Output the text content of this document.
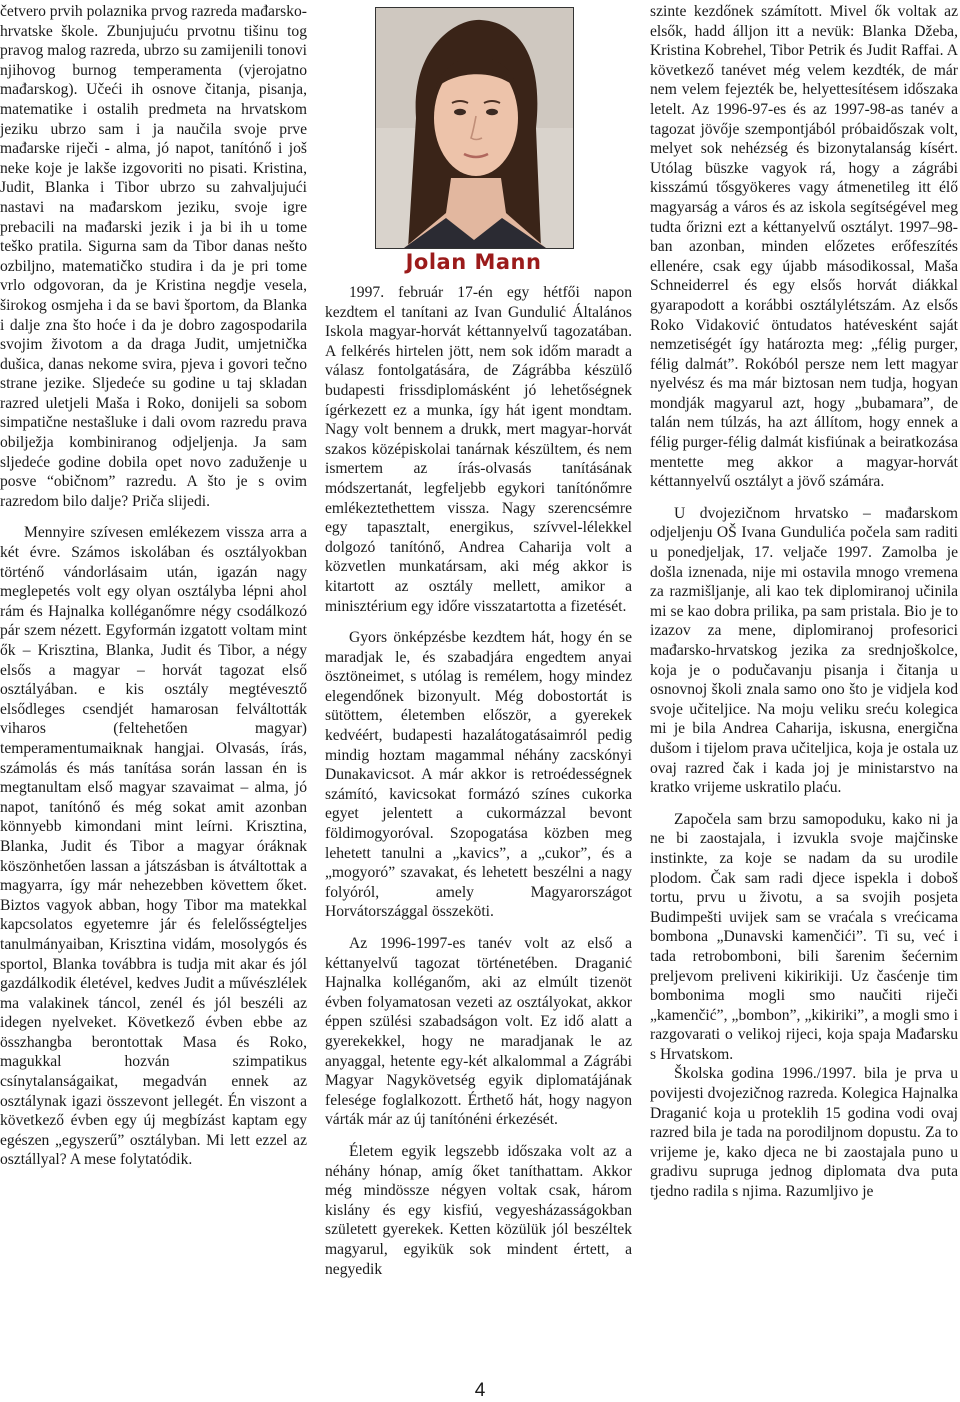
četvero prvih polaznika prvog razreda mađarsko-hrvatske škole. Zbunjujuću prvotnu tišinu tog pravog malog razreda, ubrzo su zamijenili tonovi njihovog burnog temperamenta (vjerojatno mađarskog). Učeći ih osnove čitanja, pisanja, matematike i ostalih predmeta na hrvatskom jeziku ubrzo sam i ja naučila svoje prve mađarske riječi - alma, jó napot, tanítónő i još neke koje je lakše izgovoriti no pisati. Kristina, Judit, Blanka i Tibor ubrzo su zahvaljujući nastavi na mađarskom jeziku, svoje igre prebacili na mađarski jezik i ja bi ih u tome teško pratila. Sigurna sam da Tibor danas nešto ozbiljno, matematičko studira i da je pri tome vrlo odgovoran, da je Kristina negdje vesela, širokog osmjeha i da se bavi športom, da Blanka i dalje zna što hoće i da je dobro zagospodarila svojim životom a da draga Judit, umjetnička dušica, danas nekome svira, pjeva i govori tečno strane jezike. Sljedeće su godine u taj skladan razred uletjeli Maša i Roko, donijeli sa sobom simpatične nestašluke i dali ovom razredu prava obilježja kombiniranog odjeljenja. Ja sam sljedeće godine dobila opet novo zaduženje u posve “običnom” razredu. A što je s ovim razredom bilo dalje? Priča slijedi.

Mennyire szívesen emlékezem vissza arra a két évre. Számos iskolában és osztályokban történő vándorlásaim után, igazán nagy meglepetés volt egy olyan osztályba lépni ahol rám és Hajnalka kolléganőmre négy csodálkozó pár szem nézett. Egyformán izgatott voltam mint ők – Krisztina, Blanka, Judit és Tibor, a négy elsős a magyar – horvát tagozat első osztályában. e kis osztály megtévesztő elsődleges csendjét hamarosan felváltották viharos (feltehetően magyar) temperamentumaiknak hangjai. Olvasás, írás, számolás és más tanítása során lassan én is megtanultam első magyar szavaimat – alma, jó napot, tanítónő és még sokat amit azonban könnyebb kimondani mint leírni. Krisztina, Blanka, Judit és Tibor a magyar óráknak köszönhetően lassan a játszásban is átváltottak a magyarra, így már nehezebben követtem őket. Biztos vagyok abban, hogy Tibor ma matekkal kapcsolatos egyetemre jár és felelősségteljes tanulmányaiban, Krisztina vidám, mosolygós és sportol, Blanka továbbra is tudja mit akar és jól gazdálkodik életével, kedves Judit a művészlélek ma valakinek táncol, zenél és jól beszéli az idegen nyelveket. Következő évben ebbe az összhangba berontottak Masa és Roko, magukkal hozván szimpatikus csínytalanságaikat, megadván ennek az osztálynak igazi összevont jellegét. Én viszont a következő évben egy új megbízást kaptam egy egészen „egyszerű” osztályban. Mi lett ezzel az osztállyal? A mese folytatódik.

Jolan Mann

1997. február 17-én egy hétfői napon kezdtem el tanítani az Ivan Gundulić Általános Iskola magyar-horvát kéttannyelvű tagozatában. A felkérés hirtelen jött, nem sok időm maradt a válasz fontolgatására, de Zágrábba készülő budapesti frissdiplomásként jó lehetőségnek ígérkezett ez a munka, így hát igent mondtam. Nagy volt bennem a drukk, mert magyar-horvát szakos középiskolai tanárnak készültem, és nem ismertem az írás-olvasás tanításának módszertanát, legfeljebb egykori tanítónőmre emlékeztethettem vissza. Nagy szerencsémre egy tapasztalt, energikus, szívvel-lélekkel dolgozó tanítónő, Andrea Caharija volt a közvetlen munkatársam, aki még akkor is kitartott az osztály mellett, amikor a minisztérium egy időre visszatartotta a fizetését.

Gyors önképzésbe kezdtem hát, hogy én se maradjak le, és szabadjára engedtem anyai ösztöneimet, s utólag is remélem, hogy mindez elegendőnek bizonyult. Még dobostortát is sütöttem, életemben először, a gyerekek kedvéért, budapesti hazalátogatásaimról pedig mindig hoztam magammal néhány zacskónyi Dunakavicsot. A már akkor is retroédességnek számító, kavicsokat formázó színes cukorka egyet jelentett a cukormázzal bevont földimogyoróval. Szopogatása közben meg lehetett tanulni a „kavics”, a „cukor”, és a „mogyoró” szavakat, és lehetett beszélni a nagy folyóról, amely Magyarországot Horvátországgal összeköti.

Az 1996-1997-es tanév volt az első a kéttanyelvű tagozat történetében. Draganić Hajnalka kolléganőm, aki az elmúlt tizenöt évben folyamatosan vezeti az osztályokat, akkor éppen szülési szabadságon volt. Ez idő alatt a gyerekekkel, hogy ne maradjanak le az anyaggal, hetente egy-két alkalommal a Zágrábi Magyar Nagykövetség egyik diplomatájának felesége foglalkozott. Érthető hát, hogy nagyon várták már az új tanítónéni érkezését.

Életem egyik legszebb időszaka volt az a néhány hónap, amíg őket taníthattam. Akkor még mindössze négyen voltak csak, három kislány és egy kisfiú, vegyesházasságokban született gyerekek. Ketten közülük jól beszéltek magyarul, egyikük sok mindent értett, a negyedik

szinte kezdőnek számított. Mivel ők voltak az elsők, hadd álljon itt a nevük: Blanka Džeba, Kristina Kobrehel, Tibor Petrik és Judit Raffai. A következő tanévet még velem kezdték, de már nem velem fejezték be, helyettesítésem időszaka letelt. Az 1996-97-es és az 1997-98-as tanév a tagozat jövője szempontjából próbaidőszak volt, melyet sok nehézség és bizonytalanság kísért. Utólag büszke vagyok rá, hogy a zágrábi kisszámú tősgyökeres vagy átmenetileg itt élő magyarság a város és az iskola segítségével meg tudta őrizni ezt a kéttanyelvű osztályt. 1997–98-ban azonban, minden előzetes erőfeszítés ellenére, csak egy újabb másodikossal, Maša Schneiderrel és egy elsős horvát diákkal gyarapodott a korábbi osztálylétszám. Az elsős Roko Vidaković öntudatos hatévesként saját nemzetiségét így határozta meg: „félig purger, félig dalmát”. Rokóból persze nem lett magyar nyelvész és ma már biztosan nem tudja, hogyan mondják magyarul azt, hogy „bubamara”, de talán nem túlzás, ha azt állítom, hogy ennek a félig purger-félig dalmát kisfiúnak a beiratkozása mentette meg akkor a magyar-horvát kéttannyelvű osztályt a jövő számára.

U dvojezičnom hrvatsko – mađarskom odjeljenju OŠ Ivana Gundulića počela sam raditi u ponedjeljak, 17. veljače 1997. Zamolba je došla iznenada, nije mi ostavila mnogo vremena za razmišljanje, ali kao tek diplomiranoj učinila mi se kao dobra prilika, pa sam pristala. Bio je to izazov za mene, diplomiranoj profesorici mađarsko-hrvatskog jezika za srednjoškolce, koja je o podučavanju pisanja i čitanja u osnovnoj školi znala samo ono što je vidjela kod svoje učiteljice. Na moju veliku sreću kolegica mi je bila Andrea Caharija, iskusna, energična dušom i tijelom prava učiteljica, koja je ostala uz ovaj razred čak i kada joj je ministarstvo na kratko vrijeme uskratilo plaću.

Započela sam brzu samopoduku, kako ni ja ne bi zaostajala, i izvukla svoje majčinske instinkte, za koje se nadam da su urodile plodom. Čak sam radi djece ispekla i doboš tortu, prvu u životu, a sa svojih posjeta Budimpešti uvijek sam se vraćala s vrećicama bombona „Dunavski kamenčići”. Ti su, već i tada retrobomboni, bili šarenim šećernim preljevom preliveni kikirikiji. Uz časćenje tim bombonima mogli smo naučiti riječi „kamenčić”, „bombon”, „kikiriki”, a mogli smo i razgovarati o velikoj rijeci, koja spaja Mađarsku s Hrvatskom.

Školska godina 1996./1997. bila je prva u povijesti dvojezičnog razreda. Kolegica Hajnalka Draganić koja u proteklih 15 godina vodi ovaj razred bila je tada na porodiljnom dopustu. Za to vrijeme je, kako djeca ne bi zaostajala puno u gradivu supruga jednog diplomata dva puta tjedno radila s njima. Razumljivo je

4
